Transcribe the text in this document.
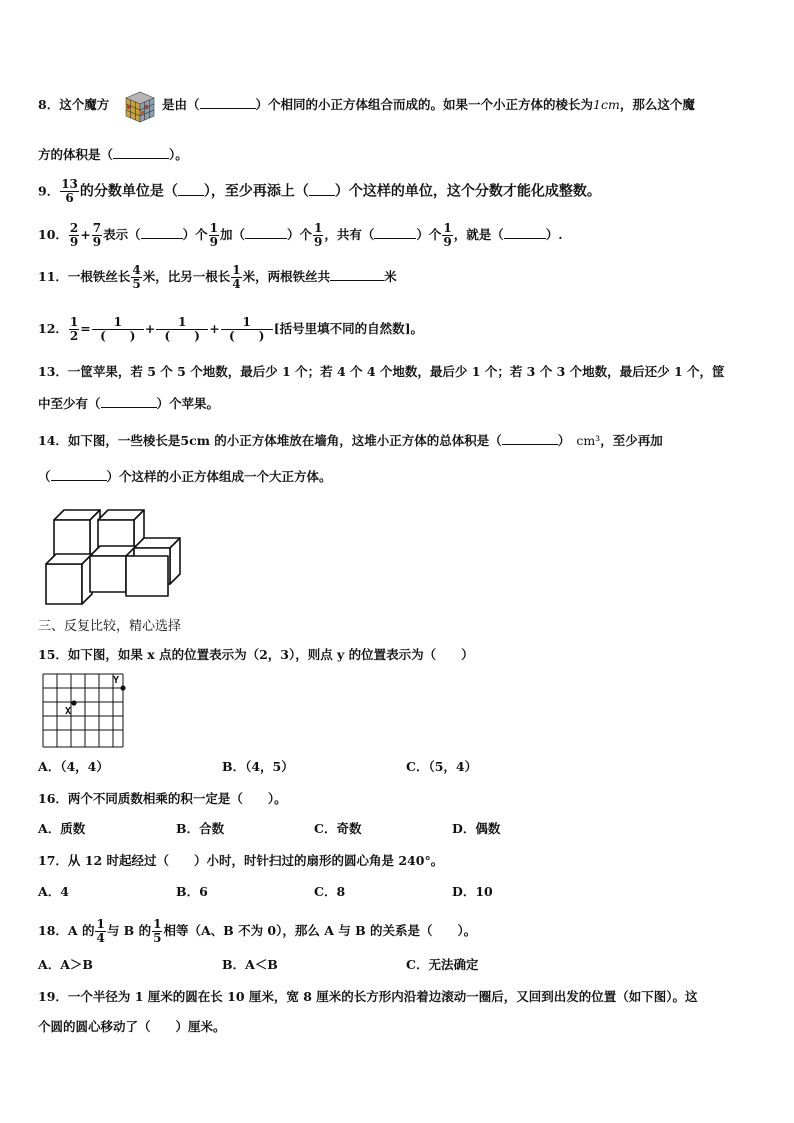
8．这个魔方	是由（	）个相同的小正方体组合而成的。如果一个小正方体的棱长为1cm，那么这个魔
方的体积是（	）。
9． $\frac{13}{6}$ 的分数单位是（ ），至少再添上（ ）个这样的单位，这个分数才能化成整数。
10． $\frac{2}{9} + \frac{7}{9}$ 表示（	）个 $\frac{1}{9}$ 加（	）个 $\frac{1}{9}$ ，共有（	）个 $\frac{1}{9}$ ，就是（	）.
11．一根铁丝长 $\frac{4}{5}$ 米，比另一根长 $\frac{1}{4}$ 米，两根铁丝共	米
12． $\frac{1}{2} = \frac{1}{( )} + \frac{1}{( )} + \frac{1}{( )}$ [括号里填不同的自然数]。
13．一筐苹果，若 5 个 5 个地数，最后少 1 个；若 4 个 4 个地数，最后少 1 个；若 3 个 3 个地数，最后还少 1 个，筐
中至少有（	）个苹果。
14．如下图，一些棱长是5cm 的小正方体堆放在墙角，这堆小正方体的总体积是（	） cm³，至少再加
（	）个这样的小正方体组成一个大正方体。
三、反复比较，精心选择
15．如下图，如果 x 点的位置表示为（2，3），则点 y 的位置表示为（　　）
X
Y
A．（4，4）	B．（4，5）	C．（5，4）
16．两个不同质数相乘的积一定是（　　）。
A．质数	B．合数	C．奇数	D．偶数
17．从 12 时起经过（　　）小时，时针扫过的扇形的圆心角是 240°。
A．4	B．6	C．8	D．10
18．A 的 $\frac{1}{4}$ 与 B 的 $\frac{1}{5}$ 相等（A、B 不为 0），那么 A 与 B 的关系是（　　）。
A．A＞B	B．A＜B	C．无法确定
19．一个半径为 1 厘米的圆在长 10 厘米，宽 8 厘米的长方形内沿着边滚动一圈后，又回到出发的位置（如下图）。这
个圆的圆心移动了（　　）厘米。
